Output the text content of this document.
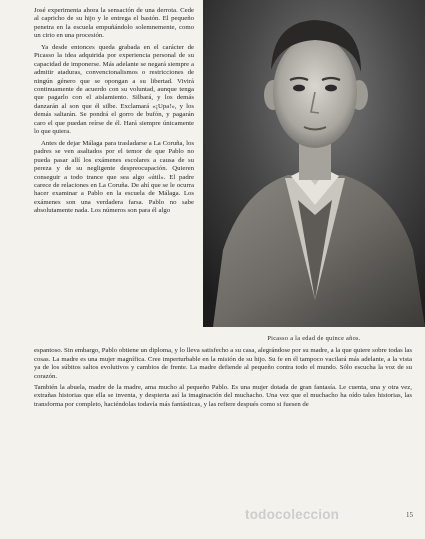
José experimenta ahora la sensación de una derrota. Cede al capricho de su hijo y le entrega el bastón. El pequeño penetra en la escuela empuñándolo solemnemente, como un cirio en una procesión.

Ya desde entonces queda grabada en el carácter de Picasso la idea adquirida por experiencia personal de su capacidad de imponerse. Más adelante se negará siempre a admitir ataduras, convencionalismos o restricciones de ningún género que se opongan a su libertad. Vivirá continuamente de acuerdo con su voluntad, aunque tenga que pagarlo con el aislamiento. Silbará, y los demás danzarán al son que él silbe. Exclamará «¡Upa!», y los demás saltarán. Se pondrá el gorro de bufón, y pagarán caro el que puedan reírse de él. Hará siempre únicamente lo que quiera.

Antes de dejar Málaga para trasladarse a La Coruña, los padres se ven asaltados por el temor de que Pablo no pueda pasar allí los exámenes escolares a causa de su pereza y de su negligente despreocupación. Quieren conseguir a todo trance que sea algo «útil». El padre carece de relaciones en La Coruña. De ahí que se le ocurra hacer examinar a Pablo en la escuela de Málaga. Los exámenes son una verdadera farsa. Pablo no sabe absolutamente nada. Los números son para él algo

Picasso a la edad de quince años.

espantoso. Sin embargo, Pablo obtiene un diploma, y lo lleva satisfecho a su casa, alegrándose por su madre, a la que quiere sobre todas las cosas. La madre es una mujer magnífica. Cree imperturbable en la misión de su hijo. Su fe en él tampoco vacilará más adelante, a la vista ya de los súbitos saltos evolutivos y cambios de frente. La madre defiende al pequeño contra todo el mundo. Sólo escucha la voz de su corazón.

También la abuela, madre de la madre, ama mucho al pequeño Pablo. Es una mujer dotada de gran fantasía. Le cuenta, una y otra vez, extrañas historias que ella se inventa, y despierta así la imaginación del muchacho. Una vez que el muchacho ha oído tales historias, las transforma por completo, haciéndolas todavía más fantásticas, y las refiere después como si fuesen de

todocoleccion	15
